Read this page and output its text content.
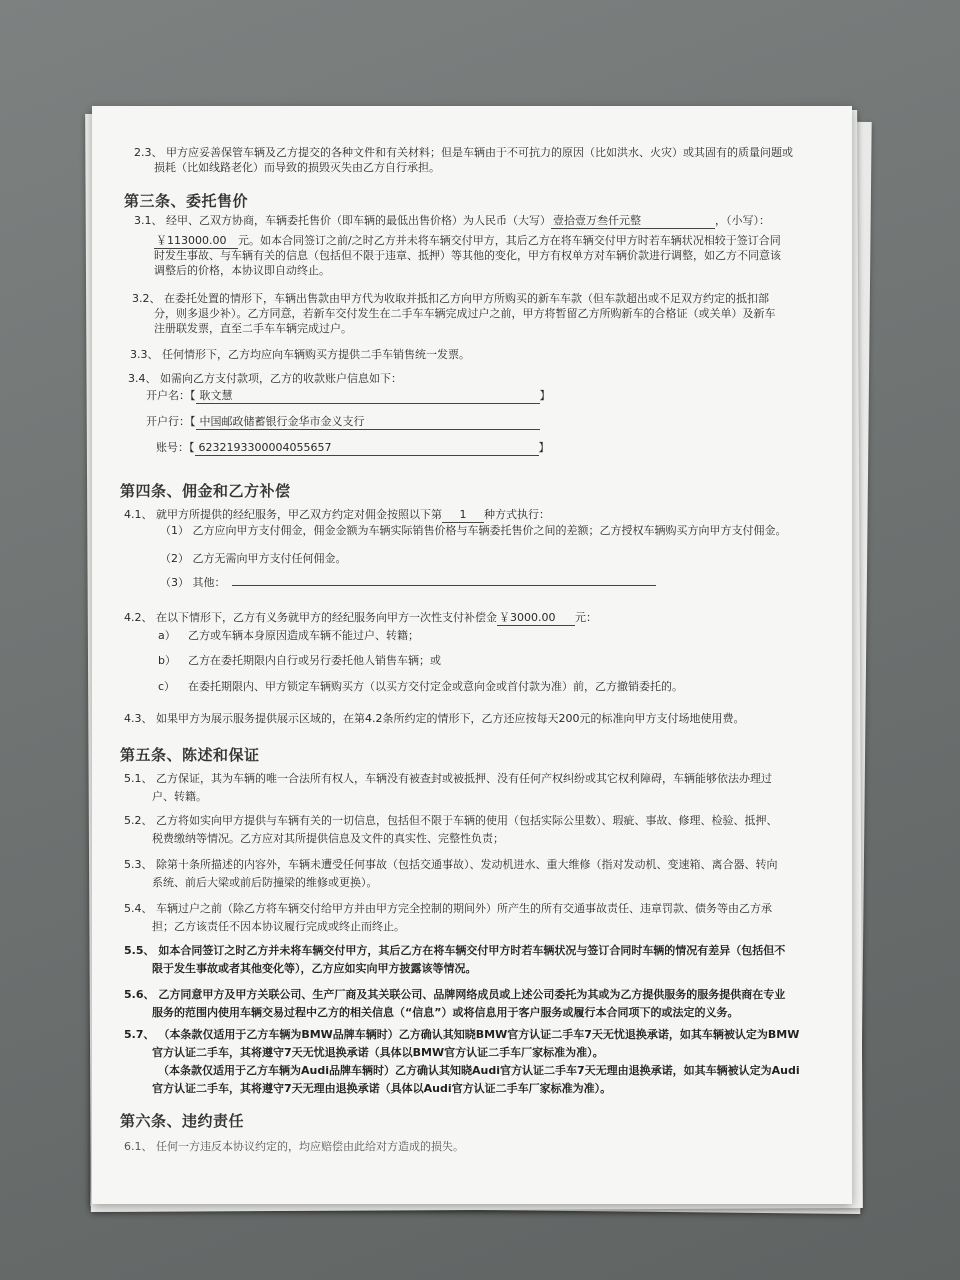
2.3、 甲方应妥善保管车辆及乙方提交的各种文件和有关材料；但是车辆由于不可抗力的原因（比如洪水、火灾）或其固有的质量问题或
损耗（比如线路老化）而导致的损毁灭失由乙方自行承担。
第三条、委托售价
3.1、 经甲、乙双方协商，车辆委托售价（即车辆的最低出售价格）为人民币（大写） 壹拾壹万叁仟元整	，（小写）：
￥113000.00 元。如本合同签订之前/之时乙方并未将车辆交付甲方，其后乙方在将车辆交付甲方时若车辆状况相较于签订合同
时发生事故、与车辆有关的信息（包括但不限于违章、抵押）等其他的变化，甲方有权单方对车辆价款进行调整，如乙方不同意该
调整后的价格，本协议即自动终止。
3.2、 在委托处置的情形下，车辆出售款由甲方代为收取并抵扣乙方向甲方所购买的新车车款（但车款超出或不足双方约定的抵扣部
分，则多退少补）。乙方同意，若新车交付发生在二手车车辆完成过户之前，甲方将暂留乙方所购新车的合格证（或关单）及新车
注册联发票，直至二手车车辆完成过户。
3.3、 任何情形下，乙方均应向车辆购买方提供二手车销售统一发票。
3.4、 如需向乙方支付款项，乙方的收款账户信息如下：
开户名：【 耿文慧	】
开户行：【 中国邮政储蓄银行金华市金义支行
账号：【 6232193300004055657	】
第四条、佣金和乙方补偿
4.1、 就甲方所提供的经纪服务，甲乙双方约定对佣金按照以下第 1 种方式执行：
（1） 乙方应向甲方支付佣金，佣金金额为车辆实际销售价格与车辆委托售价之间的差额；乙方授权车辆购买方向甲方支付佣金。
（2） 乙方无需向甲方支付任何佣金。
（3） 其他：
4.2、 在以下情形下，乙方有义务就甲方的经纪服务向甲方一次性支付补偿金 ￥3000.00 元：
a） 乙方或车辆本身原因造成车辆不能过户、转籍；
b） 乙方在委托期限内自行或另行委托他人销售车辆；或
c） 在委托期限内、甲方锁定车辆购买方（以买方交付定金或意向金或首付款为准）前，乙方撤销委托的。
4.3、 如果甲方为展示服务提供展示区域的，在第4.2条所约定的情形下，乙方还应按每天200元的标准向甲方支付场地使用费。
第五条、陈述和保证
5.1、 乙方保证，其为车辆的唯一合法所有权人，车辆没有被查封或被抵押、没有任何产权纠纷或其它权利障碍，车辆能够依法办理过
户、转籍。
5.2、 乙方将如实向甲方提供与车辆有关的一切信息，包括但不限于车辆的使用（包括实际公里数）、瑕疵、事故、修理、检验、抵押、
税费缴纳等情况。乙方应对其所提供信息及文件的真实性、完整性负责；
5.3、 除第十条所描述的内容外，车辆未遭受任何事故（包括交通事故）、发动机进水、重大维修（指对发动机、变速箱、离合器、转向
系统、前后大梁或前后防撞梁的维修或更换）。
5.4、 车辆过户之前（除乙方将车辆交付给甲方并由甲方完全控制的期间外）所产生的所有交通事故责任、违章罚款、债务等由乙方承
担；乙方该责任不因本协议履行完成或终止而终止。
5.5、 如本合同签订之时乙方并未将车辆交付甲方，其后乙方在将车辆交付甲方时若车辆状况与签订合同时车辆的情况有差异（包括但不
限于发生事故或者其他变化等），乙方应如实向甲方披露该等情况。
5.6、 乙方同意甲方及甲方关联公司、生产厂商及其关联公司、品牌网络成员或上述公司委托为其或为乙方提供服务的服务提供商在专业
服务的范围内使用车辆交易过程中乙方的相关信息（“信息”）或将信息用于客户服务或履行本合同项下的或法定的义务。
5.7、 （本条款仅适用于乙方车辆为BMW品牌车辆时）乙方确认其知晓BMW官方认证二手车7天无忧退换承诺，如其车辆被认定为BMW
官方认证二手车，其将遵守7天无忧退换承诺（具体以BMW官方认证二手车厂家标准为准）。
（本条款仅适用于乙方车辆为Audi品牌车辆时）乙方确认其知晓Audi官方认证二手车7天无理由退换承诺，如其车辆被认定为Audi
官方认证二手车，其将遵守7天无理由退换承诺（具体以Audi官方认证二手车厂家标准为准）。
第六条、违约责任
6.1、 任何一方违反本协议约定的，均应赔偿由此给对方造成的损失。
